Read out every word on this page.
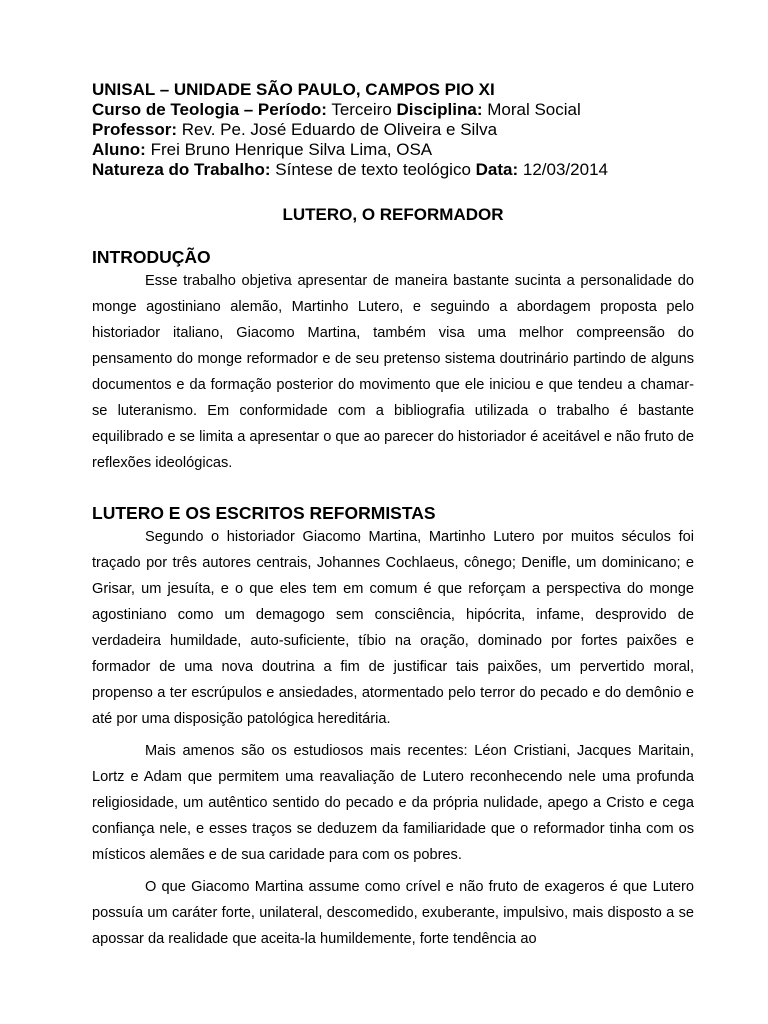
UNISAL – UNIDADE SÃO PAULO, CAMPOS PIO XI
Curso de Teologia – Período: Terceiro Disciplina: Moral Social
Professor: Rev. Pe. José Eduardo de Oliveira e Silva
Aluno: Frei Bruno Henrique Silva Lima, OSA
Natureza do Trabalho: Síntese de texto teológico Data: 12/03/2014
LUTERO, O REFORMADOR
INTRODUÇÃO

Esse trabalho objetiva apresentar de maneira bastante sucinta a personalidade do monge agostiniano alemão, Martinho Lutero, e seguindo a abordagem proposta pelo historiador italiano, Giacomo Martina, também visa uma melhor compreensão do pensamento do monge reformador e de seu pretenso sistema doutrinário partindo de alguns documentos e da formação posterior do movimento que ele iniciou e que tendeu a chamar-se luteranismo. Em conformidade com a bibliografia utilizada o trabalho é bastante equilibrado e se limita a apresentar o que ao parecer do historiador é aceitável e não fruto de reflexões ideológicas.

LUTERO E OS ESCRITOS REFORMISTAS

Segundo o historiador Giacomo Martina, Martinho Lutero por muitos séculos foi traçado por três autores centrais, Johannes Cochlaeus, cônego; Denifle, um dominicano; e Grisar, um jesuíta, e o que eles tem em comum é que reforçam a perspectiva do monge agostiniano como um demagogo sem consciência, hipócrita, infame, desprovido de verdadeira humildade, auto-suficiente, tíbio na oração, dominado por fortes paixões e formador de uma nova doutrina a fim de justificar tais paixões, um pervertido moral, propenso a ter escrúpulos e ansiedades, atormentado pelo terror do pecado e do demônio e até por uma disposição patológica hereditária.

Mais amenos são os estudiosos mais recentes: Léon Cristiani, Jacques Maritain, Lortz e Adam que permitem uma reavaliação de Lutero reconhecendo nele uma profunda religiosidade, um autêntico sentido do pecado e da própria nulidade, apego a Cristo e cega confiança nele, e esses traços se deduzem da familiaridade que o reformador tinha com os místicos alemães e de sua caridade para com os pobres.

O que Giacomo Martina assume como crível e não fruto de exageros é que Lutero possuía um caráter forte, unilateral, descomedido, exuberante, impulsivo, mais disposto a se apossar da realidade que aceita-la humildemente, forte tendência ao
